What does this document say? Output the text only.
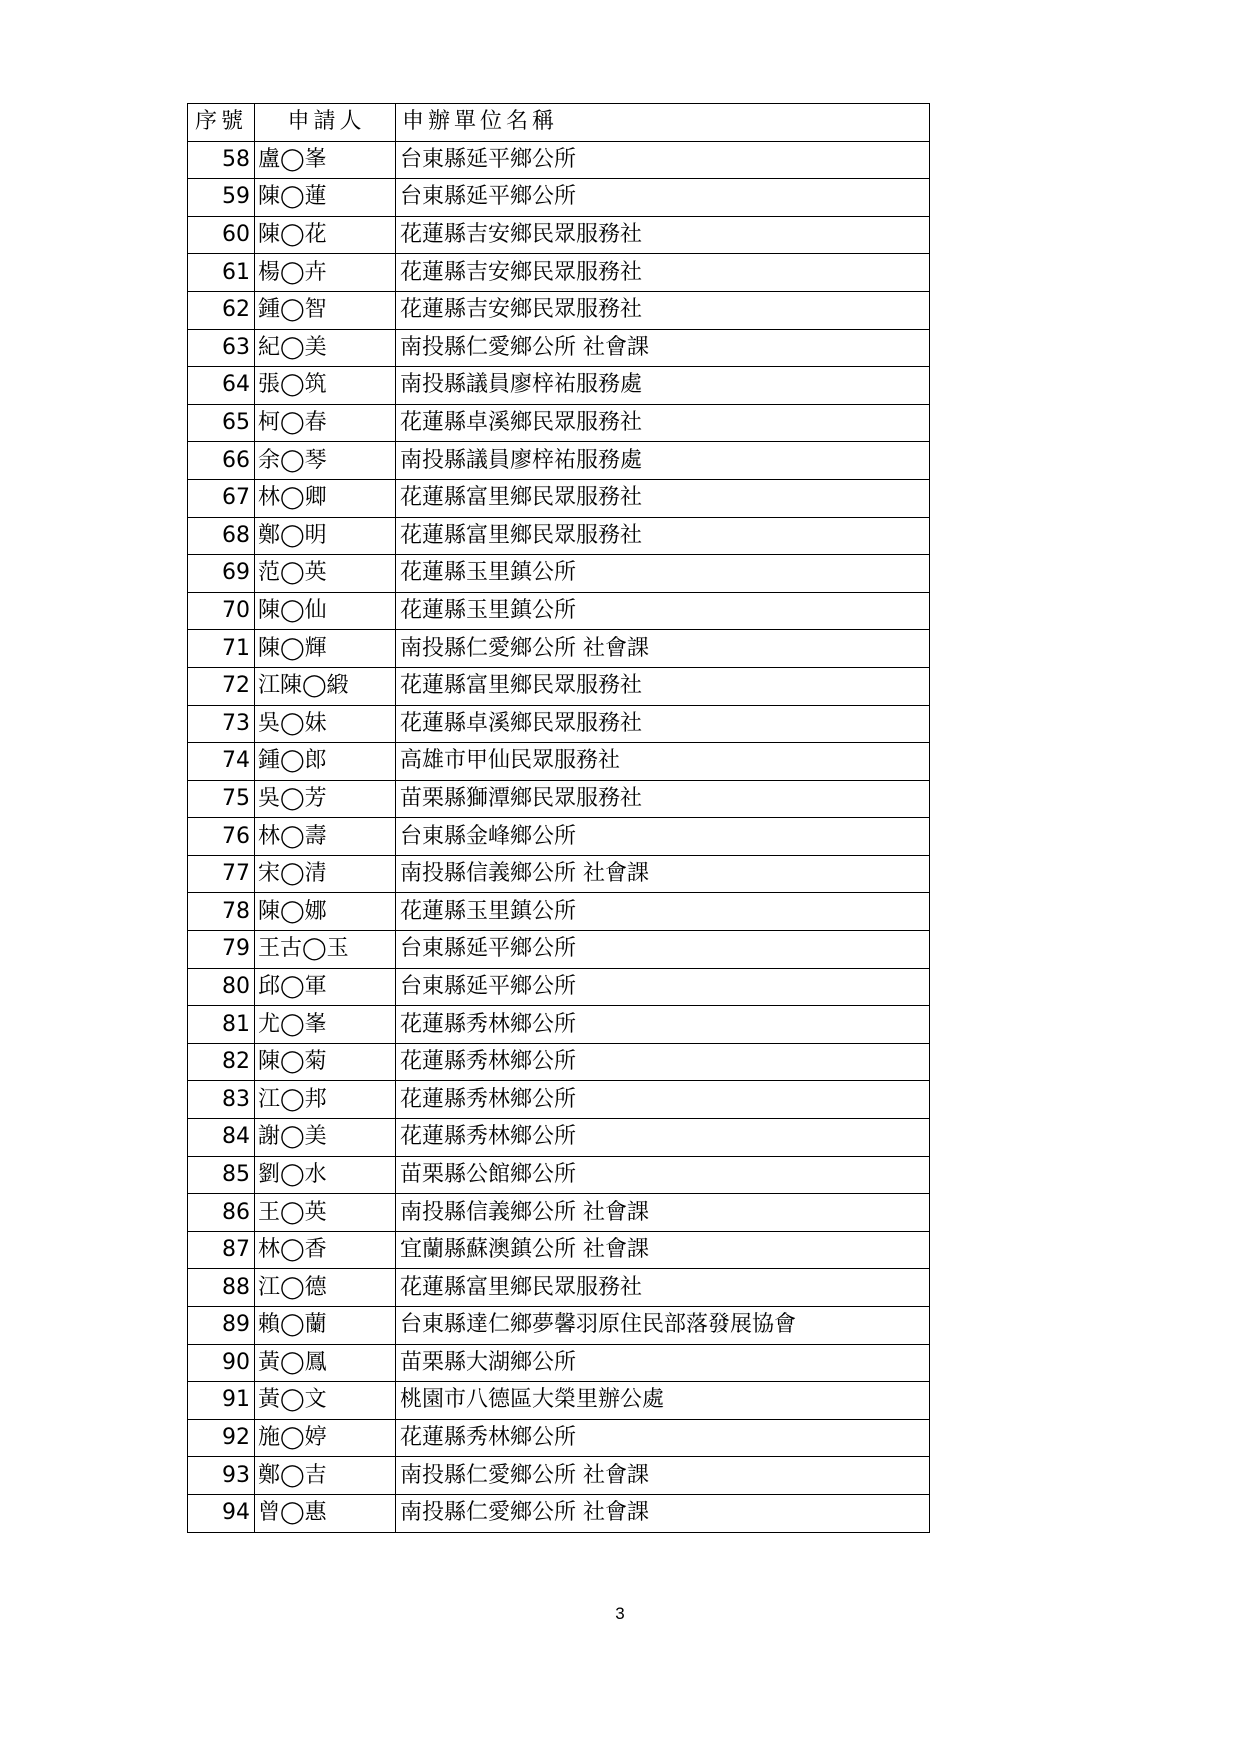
序號	申請人	申辦單位名稱
58	盧◯峯	台東縣延平鄉公所
59	陳◯蓮	台東縣延平鄉公所
60	陳◯花	花蓮縣吉安鄉民眾服務社
61	楊◯卉	花蓮縣吉安鄉民眾服務社
62	鍾◯智	花蓮縣吉安鄉民眾服務社
63	紀◯美	南投縣仁愛鄉公所 社會課
64	張◯筑	南投縣議員廖梓祐服務處
65	柯◯春	花蓮縣卓溪鄉民眾服務社
66	余◯琴	南投縣議員廖梓祐服務處
67	林◯卿	花蓮縣富里鄉民眾服務社
68	鄭◯明	花蓮縣富里鄉民眾服務社
69	范◯英	花蓮縣玉里鎮公所
70	陳◯仙	花蓮縣玉里鎮公所
71	陳◯輝	南投縣仁愛鄉公所 社會課
72	江陳◯緞	花蓮縣富里鄉民眾服務社
73	吳◯妹	花蓮縣卓溪鄉民眾服務社
74	鍾◯郎	高雄市甲仙民眾服務社
75	吳◯芳	苗栗縣獅潭鄉民眾服務社
76	林◯壽	台東縣金峰鄉公所
77	宋◯清	南投縣信義鄉公所 社會課
78	陳◯娜	花蓮縣玉里鎮公所
79	王古◯玉	台東縣延平鄉公所
80	邱◯軍	台東縣延平鄉公所
81	尤◯峯	花蓮縣秀林鄉公所
82	陳◯菊	花蓮縣秀林鄉公所
83	江◯邦	花蓮縣秀林鄉公所
84	謝◯美	花蓮縣秀林鄉公所
85	劉◯水	苗栗縣公館鄉公所
86	王◯英	南投縣信義鄉公所 社會課
87	林◯香	宜蘭縣蘇澳鎮公所 社會課
88	江◯德	花蓮縣富里鄉民眾服務社
89	賴◯蘭	台東縣達仁鄉夢馨羽原住民部落發展協會
90	黃◯鳳	苗栗縣大湖鄉公所
91	黃◯文	桃園市八德區大榮里辦公處
92	施◯婷	花蓮縣秀林鄉公所
93	鄭◯吉	南投縣仁愛鄉公所 社會課
94	曾◯惠	南投縣仁愛鄉公所 社會課
3
